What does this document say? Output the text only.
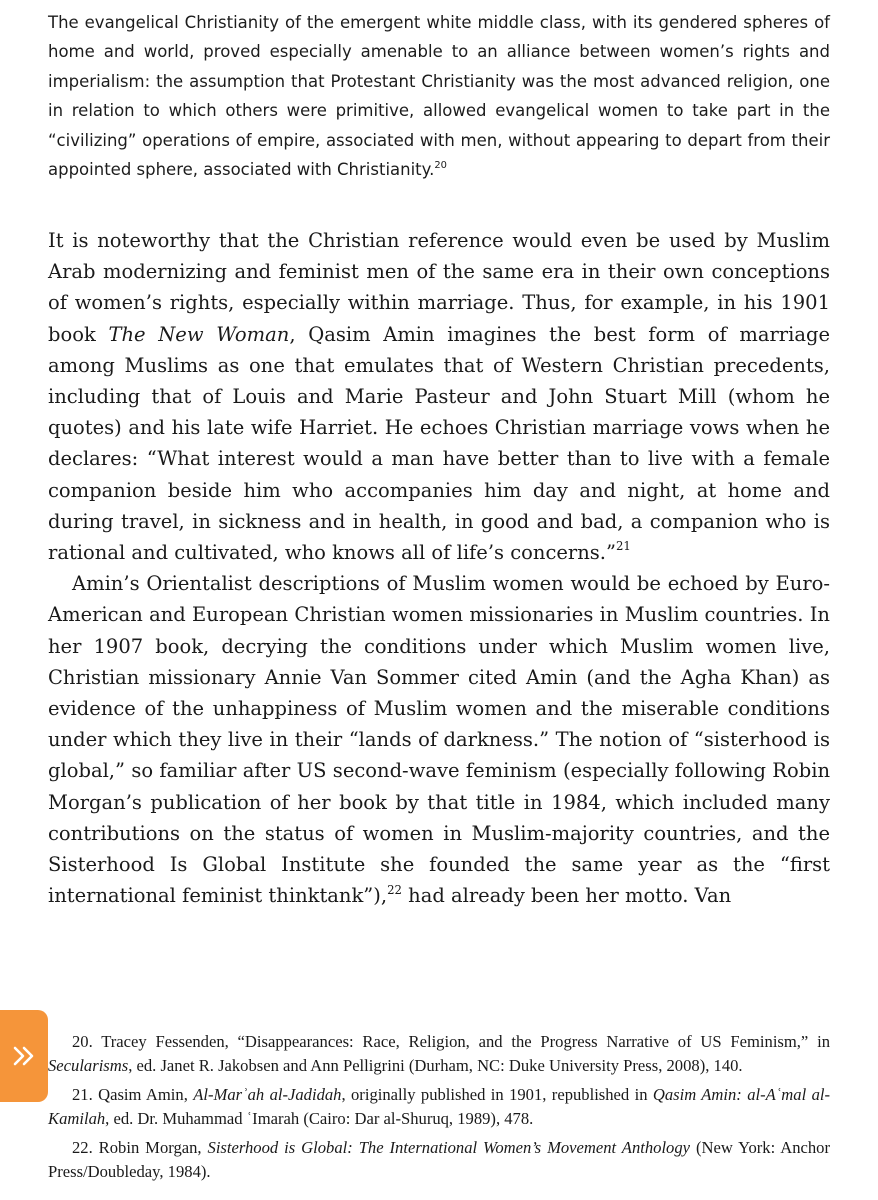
The evangelical Christianity of the emergent white middle class, with its gendered spheres of home and world, proved especially amenable to an alliance between women’s rights and imperialism: the assumption that Protestant Christianity was the most advanced religion, one in relation to which others were primitive, allowed evangelical women to take part in the “civilizing” operations of empire, associated with men, without appearing to depart from their appointed sphere, associated with Christianity.$^{20}$

It is noteworthy that the Christian reference would even be used by Muslim Arab modernizing and feminist men of the same era in their own conceptions of women’s rights, especially within marriage. Thus, for example, in his 1901 book The New Woman, Qasim Amin imagines the best form of marriage among Muslims as one that emulates that of Western Christian precedents, including that of Louis and Marie Pasteur and John Stuart Mill (whom he quotes) and his late wife Harriet. He echoes Christian marriage vows when he declares: “What interest would a man have better than to live with a female companion beside him who accompanies him day and night, at home and during travel, in sickness and in health, in good and bad, a companion who is rational and cultivated, who knows all of life’s concerns.”$^{21}$

Amin’s Orientalist descriptions of Muslim women would be echoed by Euro-American and European Christian women missionaries in Muslim countries. In her 1907 book, decrying the conditions under which Muslim women live, Christian missionary Annie Van Sommer cited Amin (and the Agha Khan) as evidence of the unhappiness of Muslim women and the miserable conditions under which they live in their “lands of darkness.” The notion of “sisterhood is global,” so familiar after US second-wave feminism (especially following Robin Morgan’s publication of her book by that title in 1984, which included many contributions on the status of women in Muslim-majority countries, and the Sisterhood Is Global Institute she founded the same year as the “first international feminist thinktank”),$^{22}$ had already been her motto. Van

20. Tracey Fessenden, “Disappearances: Race, Religion, and the Progress Narrative of US Feminism,” in Secularisms, ed. Janet R. Jakobsen and Ann Pelligrini (Durham, NC: Duke University Press, 2008), 140.

21. Qasim Amin, Al-Marʾah al-Jadidah, originally published in 1901, republished in Qasim Amin: al-Aʿmal al-Kamilah, ed. Dr. Muhammad ʿImarah (Cairo: Dar al-Shuruq, 1989), 478.

22. Robin Morgan, Sisterhood is Global: The International Women’s Movement Anthology (New York: Anchor Press/Doubleday, 1984).
